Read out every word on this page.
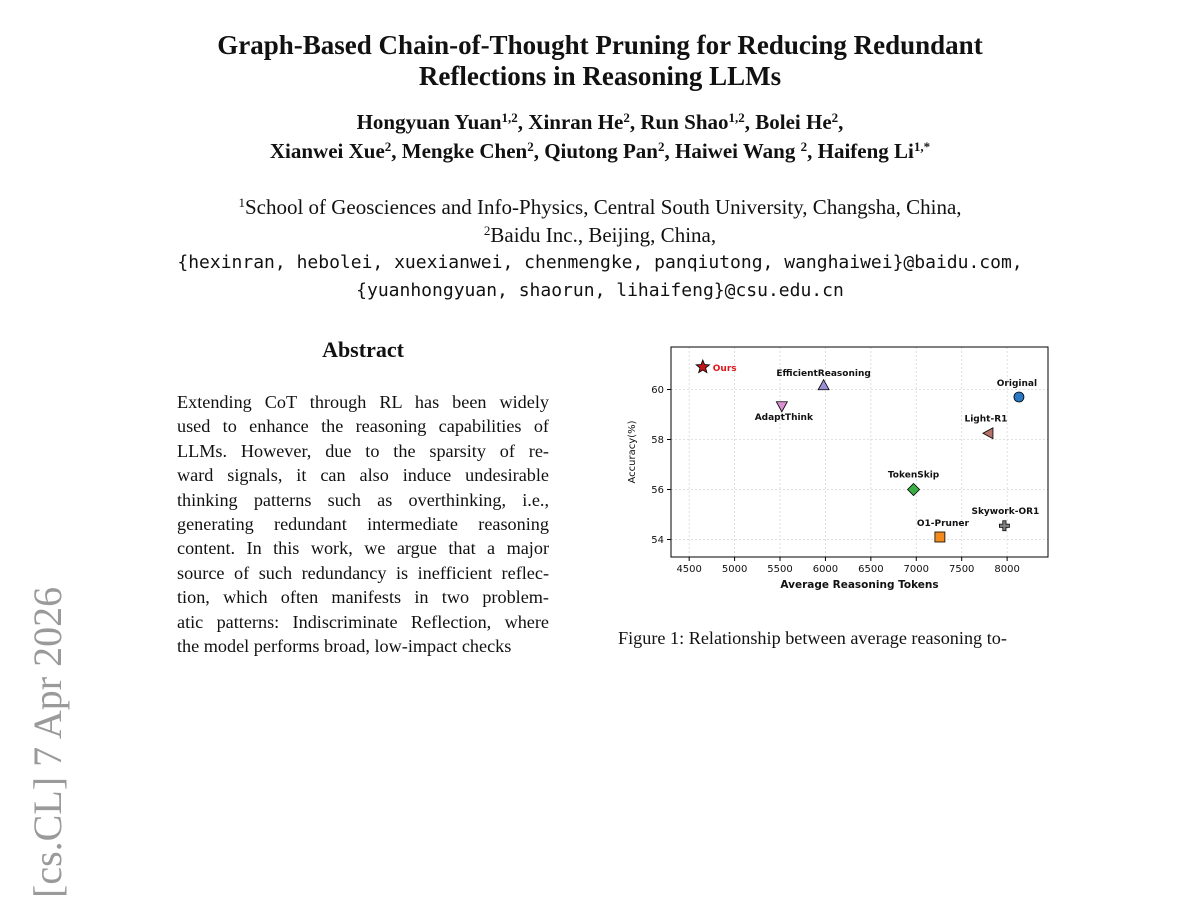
Graph-Based Chain-of-Thought Pruning for Reducing Redundant
Reflections in Reasoning LLMs
Hongyuan Yuan$^{1,2}$, Xinran He$^2$, Run Shao$^{1,2}$, Bolei He$^2$,
Xianwei Xue$^2$, Mengke Chen$^2$, Qiutong Pan$^2$, Haiwei Wang $^2$, Haifeng $Li^{1,*}$
$^1$School of Geosciences and Info-Physics, Central South University, Changsha, China,
$^2$Baidu Inc., Beijing, China,
{hexinran, hebolei, xuexianwei, chenmengke, panqiutong, wanghaiwei}@baidu.com,
{yuanhongyuan, shaorun, lihaifeng}@csu.edu.cn
[cs.CL] 7 Apr 2026
Abstract
Extending CoT through RL has been widely
used to enhance the reasoning capabilities of
LLMs. However, due to the sparsity of re-
ward signals, it can also induce undesirable
thinking patterns such as overthinking, i.e.,
generating redundant intermediate reasoning
content. In this work, we argue that a major
source of such redundancy is inefficient reflec-
tion, which often manifests in two problem-
atic patterns: Indiscriminate Reflection, where
the model performs broad, low-impact checks
4500 5000 5500 6000 6500 7000 7500 8000
54
56
58
60
Average Reasoning Tokens
Accuracy(%)
Ours	EfficientReasoning
AdaptThink
Original
Light-R1
TokenSkip
Skywork-OR1
O1-Pruner
Figure 1: Relationship between average reasoning to-
